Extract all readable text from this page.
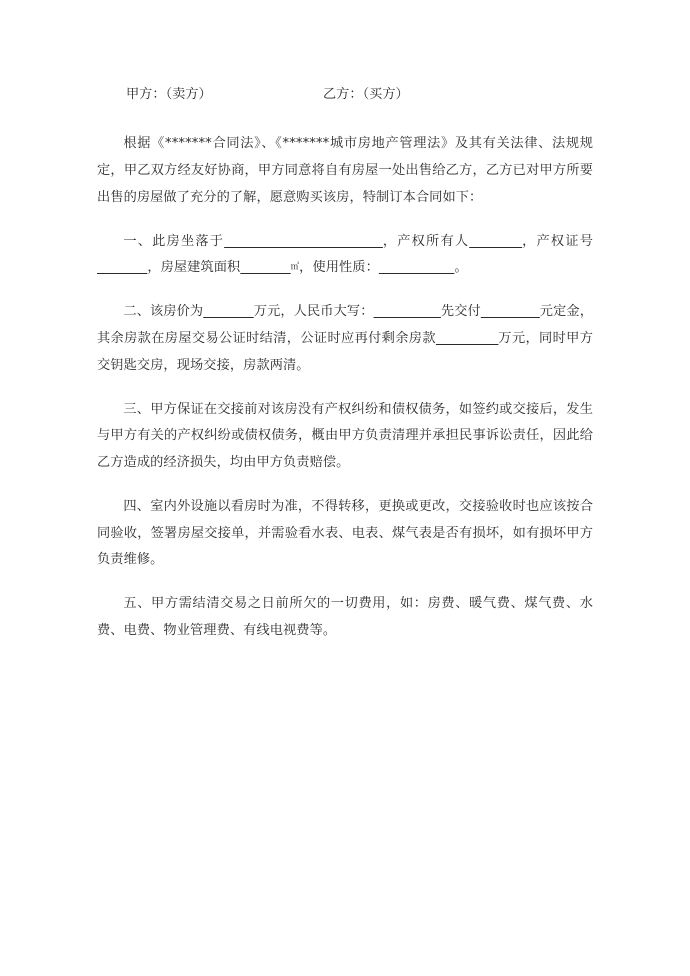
甲方：（卖方）	乙方：（买方）

根据《*******合同法》、《*******城市房地产管理法》及其有关法律、法规规定，甲乙双方经友好协商，甲方同意将自有房屋一处出售给乙方，乙方已对甲方所要出售的房屋做了充分的了解，愿意购买该房，特制订本合同如下：

一、此房坐落于	，产权所有人	，产权证号            ，房屋建筑面积	㎡，使用性质：	。

二、该房价为	万元，人民币大写：	先交付	元定金，其余房款在房屋交易公证时结清，公证时应再付剩余房款	万元，同时甲方交钥匙交房，现场交接，房款两清。

三、甲方保证在交接前对该房没有产权纠纷和债权债务，如签约或交接后，发生与甲方有关的产权纠纷或债权债务，概由甲方负责清理并承担民事诉讼责任，因此给乙方造成的经济损失，均由甲方负责赔偿。

四、室内外设施以看房时为准，不得转移，更换或更改，交接验收时也应该按合同验收，签署房屋交接单，并需验看水表、电表、煤气表是否有损坏，如有损坏甲方负责维修。

五、甲方需结清交易之日前所欠的一切费用，如：房费、暖气费、煤气费、水费、电费、物业管理费、有线电视费等。
